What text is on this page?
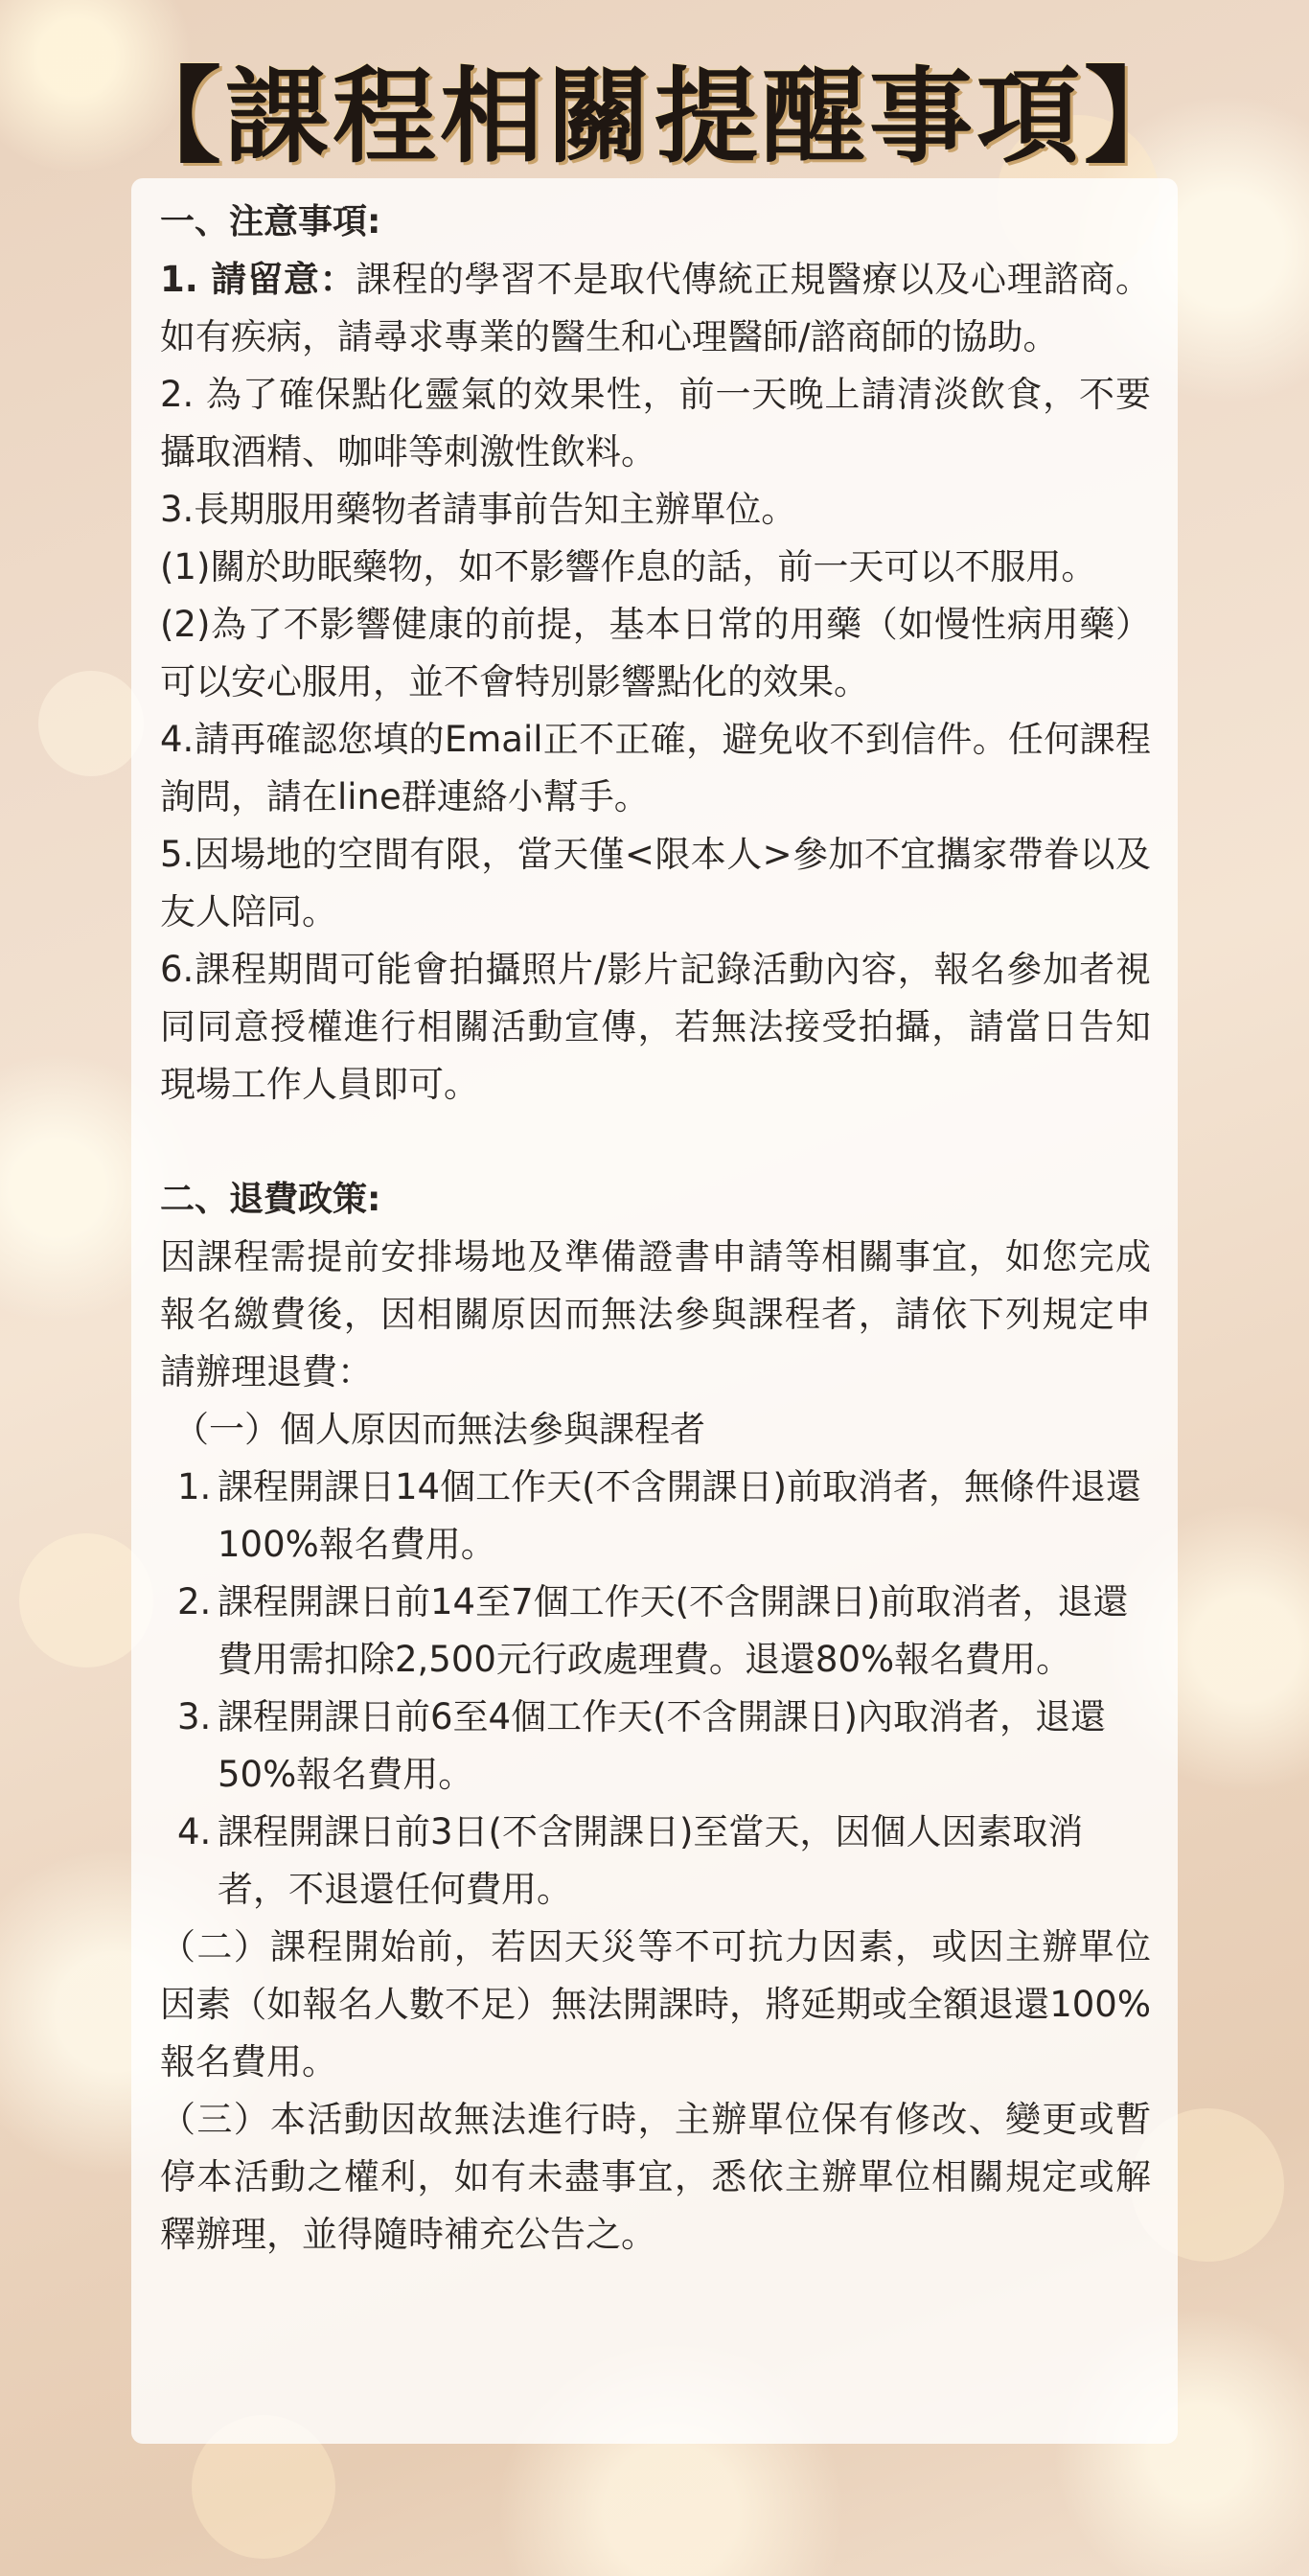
【課程相關提醒事項】
一、注意事項:
1. 請留意：課程的學習不是取代傳統正規醫療以及心理諮商。如有疾病，請尋求專業的醫生和心理醫師/諮商師的協助。
2. 為了確保點化靈氣的效果性，前一天晚上請清淡飲食，不要攝取酒精、咖啡等刺激性飲料。
3.長期服用藥物者請事前告知主辦單位。
(1)關於助眠藥物，如不影響作息的話，前一天可以不服用。
(2)為了不影響健康的前提，基本日常的用藥（如慢性病用藥）可以安心服用，並不會特別影響點化的效果。
4.請再確認您填的Email正不正確，避免收不到信件。任何課程詢問，請在line群連絡小幫手。
5.因場地的空間有限，當天僅<限本人>參加不宜攜家帶眷以及友人陪同。
6.課程期間可能會拍攝照片/影片記錄活動內容，報名參加者視同同意授權進行相關活動宣傳，若無法接受拍攝，請當日告知現場工作人員即可。
二、退費政策:
因課程需提前安排場地及準備證書申請等相關事宜，如您完成報名繳費後，因相關原因而無法參與課程者，請依下列規定申請辦理退費：
（一）個人原因而無法參與課程者
1. 課程開課日14個工作天(不含開課日)前取消者，無條件退還100%報名費用。
2. 課程開課日前14至7個工作天(不含開課日)前取消者，退還費用需扣除2,500元行政處理費。退還80%報名費用。
3. 課程開課日前6至4個工作天(不含開課日)內取消者，退還50%報名費用。
4. 課程開課日前3日(不含開課日)至當天，因個人因素取消者，不退還任何費用。
（二）課程開始前，若因天災等不可抗力因素，或因主辦單位因素（如報名人數不足）無法開課時，將延期或全額退還100%報名費用。
（三）本活動因故無法進行時，主辦單位保有修改、變更或暫停本活動之權利，如有未盡事宜，悉依主辦單位相關規定或解釋辦理，並得隨時補充公告之。
